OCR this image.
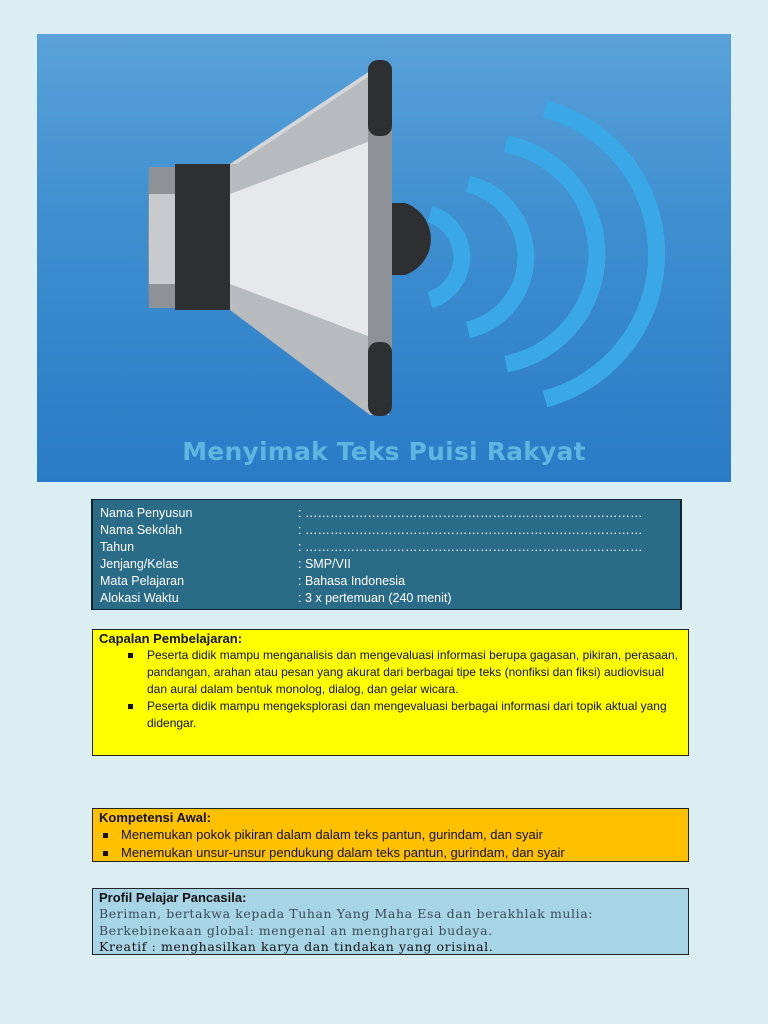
Menyimak Teks Puisi Rakyat
Nama Penyusun	: ………………………………………………………………………
Nama Sekolah	: ………………………………………………………………………
Tahun	: ………………………………………………………………………
Jenjang/Kelas	: SMP/VII
Mata Pelajaran	: Bahasa Indonesia
Alokasi Waktu	: 3 x pertemuan (240 menit)
Capalan Pembelajaran:
Peserta didik mampu menganalisis dan mengevaluasi informasi berupa gagasan, pikiran, perasaan, pandangan, arahan atau pesan yang akurat dari berbagai tipe teks (nonfiksi dan fiksi) audiovisual dan aural dalam bentuk monolog, dialog, dan gelar wicara.
Peserta didik mampu mengeksplorasi dan mengevaluasi berbagai informasi dari topik aktual yang didengar.
Kompetensi Awal:
Menemukan pokok pikiran dalam dalam teks pantun, gurindam, dan syair
Menemukan unsur-unsur pendukung dalam teks pantun, gurindam, dan syair
Profil Pelajar Pancasila:
Beriman, bertakwa kepada Tuhan Yang Maha Esa dan berakhlak mulia:
Berkebinekaan global: mengenal an menghargai budaya.
Kreatif : menghasilkan karya dan tindakan yang orisinal.
